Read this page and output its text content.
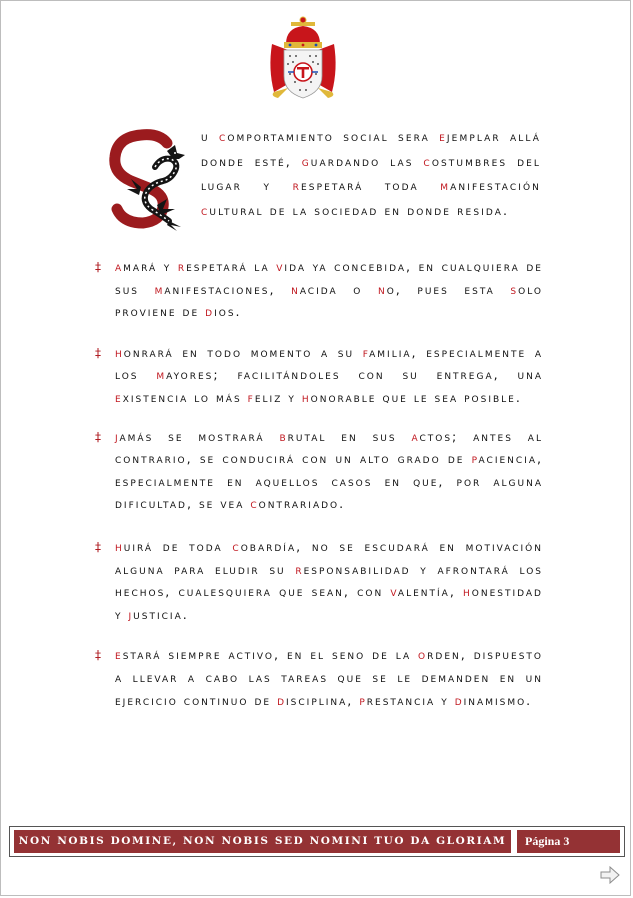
u comportamiento social sera ejemplar allá donde esté, guardando las costumbres del lugar y respetará toda manifestación cultural de la sociedad en donde resida.
‡ amará y respetará la vida ya concebida, en cualquiera de sus manifestaciones, nacida o no, pues esta solo proviene de dios.

‡ honrará en todo momento a su familia, especialmente a los mayores; facilitándoles con su entrega, una existencia lo más feliz y honorable que le sea posible.

‡ jamás se mostrará brutal en sus actos; antes al contrario, se conducirá con un alto grado de paciencia, especialmente en aquellos casos en que, por alguna dificultad, se vea contrariado.

‡ huirá de toda cobardía, no se escudará en motivación alguna para eludir su responsabilidad y afrontará los hechos, cualesquiera que sean, con valentía, honestidad y justicia.

‡ estará siempre activo, en el seno de la orden, dispuesto a llevar a cabo las tareas que se le demanden en un ejercicio continuo de disciplina, prestancia y dinamismo.

NON NOBIS DOMINE, NON NOBIS SED NOMINI TUO DA GLORIAM	Página 3
